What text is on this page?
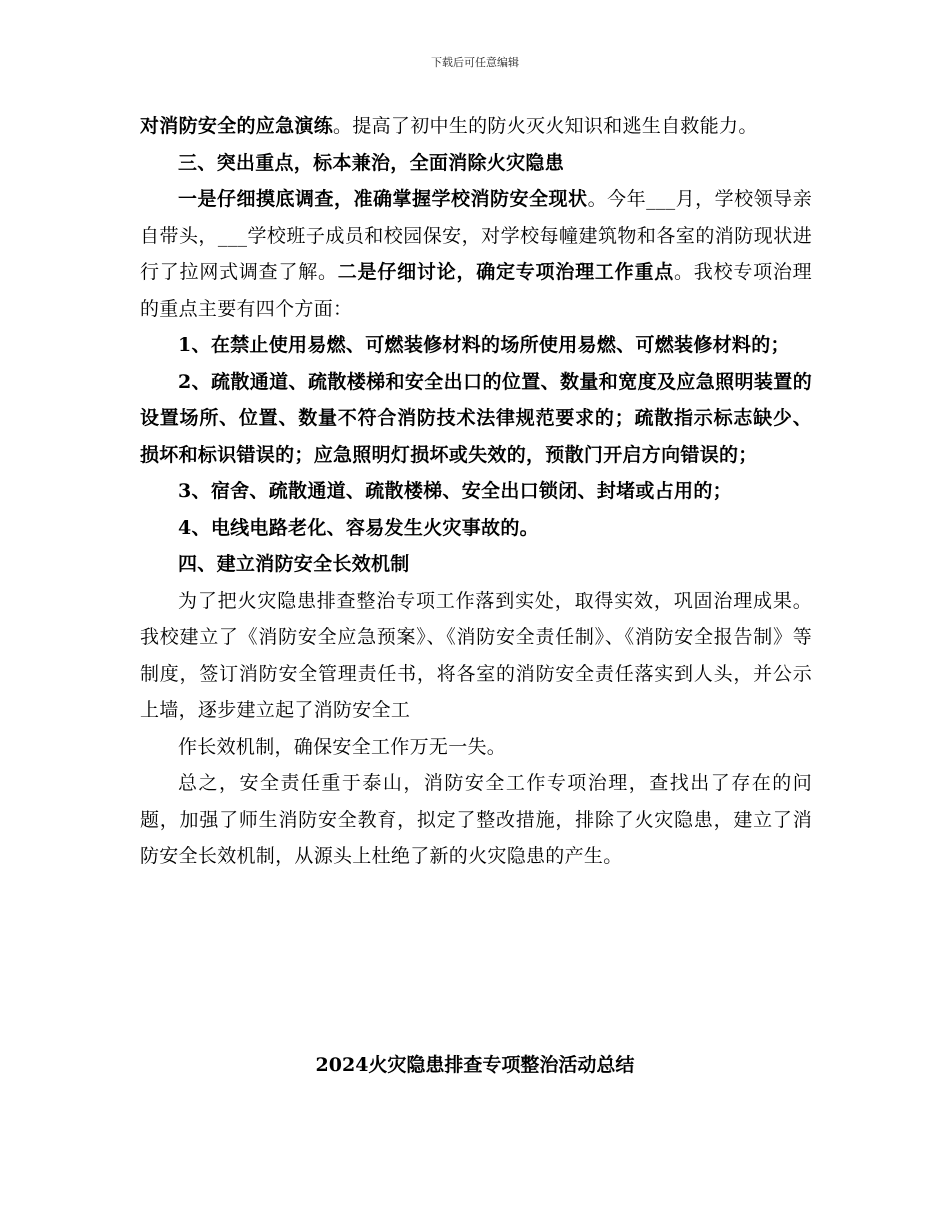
下载后可任意编辑

对消防安全的应急演练。提高了初中生的防火灭火知识和逃生自救能力。

三、突出重点，标本兼治，全面消除火灾隐患

一是仔细摸底调查，准确掌握学校消防安全现状。今年___月，学校领导亲自带头，___学校班子成员和校园保安，对学校每幢建筑物和各室的消防现状进行了拉网式调查了解。二是仔细讨论，确定专项治理工作重点。我校专项治理的重点主要有四个方面：

1、在禁止使用易燃、可燃装修材料的场所使用易燃、可燃装修材料的；

2、疏散通道、疏散楼梯和安全出口的位置、数量和宽度及应急照明装置的设置场所、位置、数量不符合消防技术法律规范要求的；疏散指示标志缺少、损坏和标识错误的；应急照明灯损坏或失效的，预散门开启方向错误的；

3、宿舍、疏散通道、疏散楼梯、安全出口锁闭、封堵或占用的；

4、电线电路老化、容易发生火灾事故的。

四、建立消防安全长效机制

为了把火灾隐患排查整治专项工作落到实处，取得实效，巩固治理成果。我校建立了《消防安全应急预案》、《消防安全责任制》、《消防安全报告制》等制度，签订消防安全管理责任书，将各室的消防安全责任落实到人头，并公示上墙，逐步建立起了消防安全工

作长效机制，确保安全工作万无一失。

总之，安全责任重于泰山，消防安全工作专项治理，查找出了存在的问题，加强了师生消防安全教育，拟定了整改措施，排除了火灾隐患，建立了消防安全长效机制，从源头上杜绝了新的火灾隐患的产生。

2024火灾隐患排查专项整治活动总结
